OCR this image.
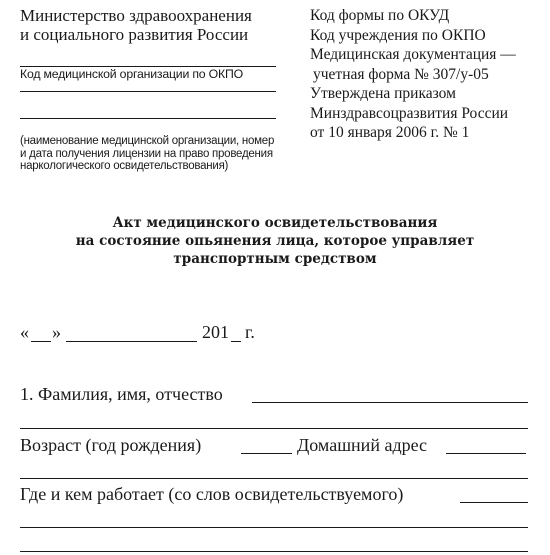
Министерство здравоохранения
и социального развития России
Код формы по ОКУД
Код учреждения по ОКПО
Медицинская документация —
учетная форма № 307/у-05
Утверждена приказом
Минздравсоцразвития России
от 10 января 2006 г. № 1
Код медицинской организации по ОКПО
(наименование медицинской организации, номер
и дата получения лицензии на право проведения
наркологического освидетельствования)
Акт медицинского освидетельствования
на состояние опьянения лица, которое управляет
транспортным средством
« »	201 г.
1. Фамилия, имя, отчество
Возраст (год рождения)	Домашний адрес
Где и кем работает (со слов освидетельствуемого)
